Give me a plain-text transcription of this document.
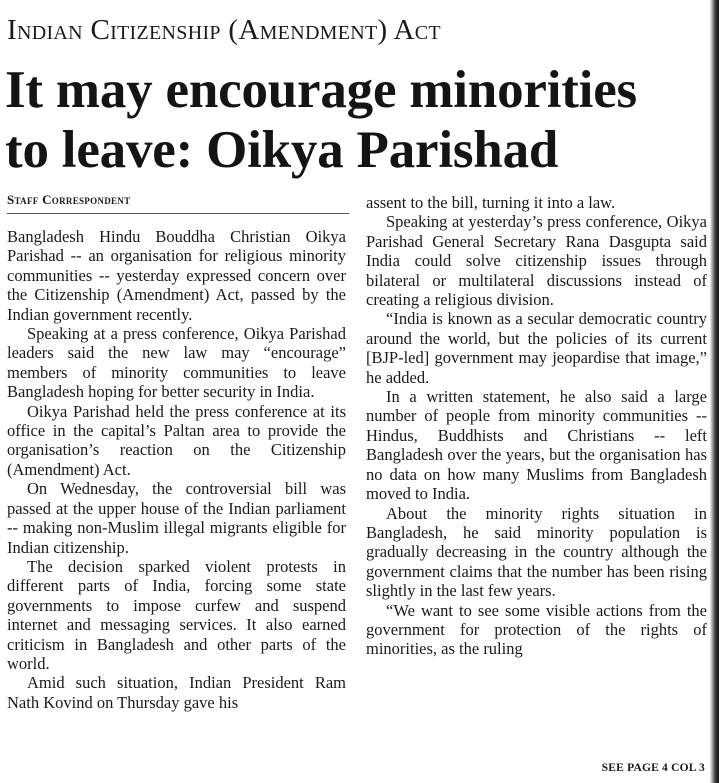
Indian Citizenship (Amendment) Act
It may encourage minorities
to leave: Oikya Parishad
Staff Correspondent

Bangladesh Hindu Bouddha Christian Oikya Parishad -- an organisation for religious minority communities -- yesterday expressed concern over the Citizenship (Amendment) Act, passed by the Indian government recently.

Speaking at a press conference, Oikya Parishad leaders said the new law may “encourage” members of minority communities to leave Bangladesh hoping for better security in India.

Oikya Parishad held the press conference at its office in the capital’s Paltan area to provide the organisation’s reaction on the Citizenship (Amendment) Act.

On Wednesday, the controversial bill was passed at the upper house of the Indian parliament -- making non-Muslim illegal migrants eligible for Indian citizenship.

The decision sparked violent protests in different parts of India, forcing some state governments to impose curfew and suspend internet and messaging services. It also earned criticism in Bangladesh and other parts of the world.

Amid such situation, Indian President Ram Nath Kovind on Thursday gave his

assent to the bill, turning it into a law.

Speaking at yesterday’s press conference, Oikya Parishad General Secretary Rana Dasgupta said India could solve citizenship issues through bilateral or multilateral discussions instead of creating a religious division.

“India is known as a secular democratic country around the world, but the policies of its current [BJP-led] government may jeopardise that image,” he added.

In a written statement, he also said a large number of people from minority communities -- Hindus, Buddhists and Christians -- left Bangladesh over the years, but the organisation has no data on how many Muslims from Bangladesh moved to India.

About the minority rights situation in Bangladesh, he said minority population is gradually decreasing in the country although the government claims that the number has been rising slightly in the last few years.

“We want to see some visible actions from the government for protection of the rights of minorities, as the ruling

SEE PAGE 4 COL 3
